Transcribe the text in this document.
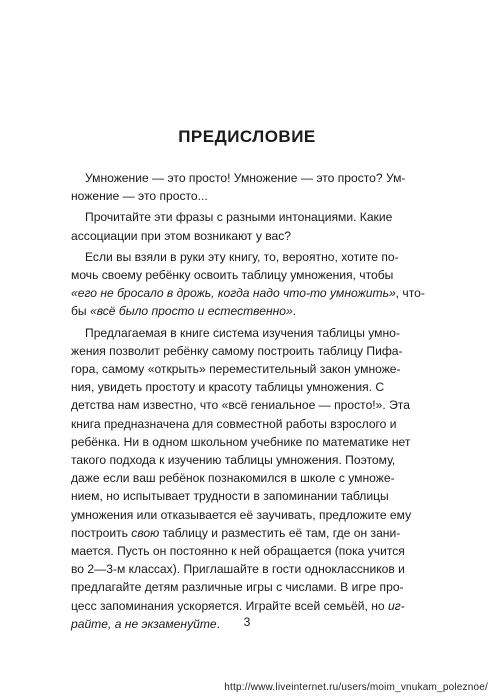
ПРЕДИСЛОВИЕ

Умножение — это просто! Умножение — это просто? Ум-
ножение — это просто...

Прочитайте эти фразы с разными интонациями. Какие
ассоциации при этом возникают у вас?

Если вы взяли в руки эту книгу, то, вероятно, хотите по-
мочь своему ребёнку освоить таблицу умножения, чтобы
«его не бросало в дрожь, когда надо что-то умножить», что-
бы «всё было просто и естественно».

Предлагаемая в книге система изучения таблицы умно-
жения позволит ребёнку самому построить таблицу Пифа-
гора, самому «открыть» переместительный закон умноже-
ния, увидеть простоту и красоту таблицы умножения. С
детства нам известно, что «всё гениальное — просто!». Эта
книга предназначена для совместной работы взрослого и
ребёнка. Ни в одном школьном учебнике по математике нет
такого подхода к изучению таблицы умножения. Поэтому,
даже если ваш ребёнок познакомился в школе с умноже-
нием, но испытывает трудности в запоминании таблицы
умножения или отказывается её заучивать, предложите ему
построить свою таблицу и разместить её там, где он зани-
мается. Пусть он постоянно к ней обращается (пока учится
во 2—3-м классах). Приглашайте в гости одноклассников и
предлагайте детям различные игры с числами. В игре про-
цесс запоминания ускоряется. Играйте всей семьёй, но иг-
райте, а не экзаменуйте.	3
http://www.liveinternet.ru/users/moim_vnukam_poleznoe/
